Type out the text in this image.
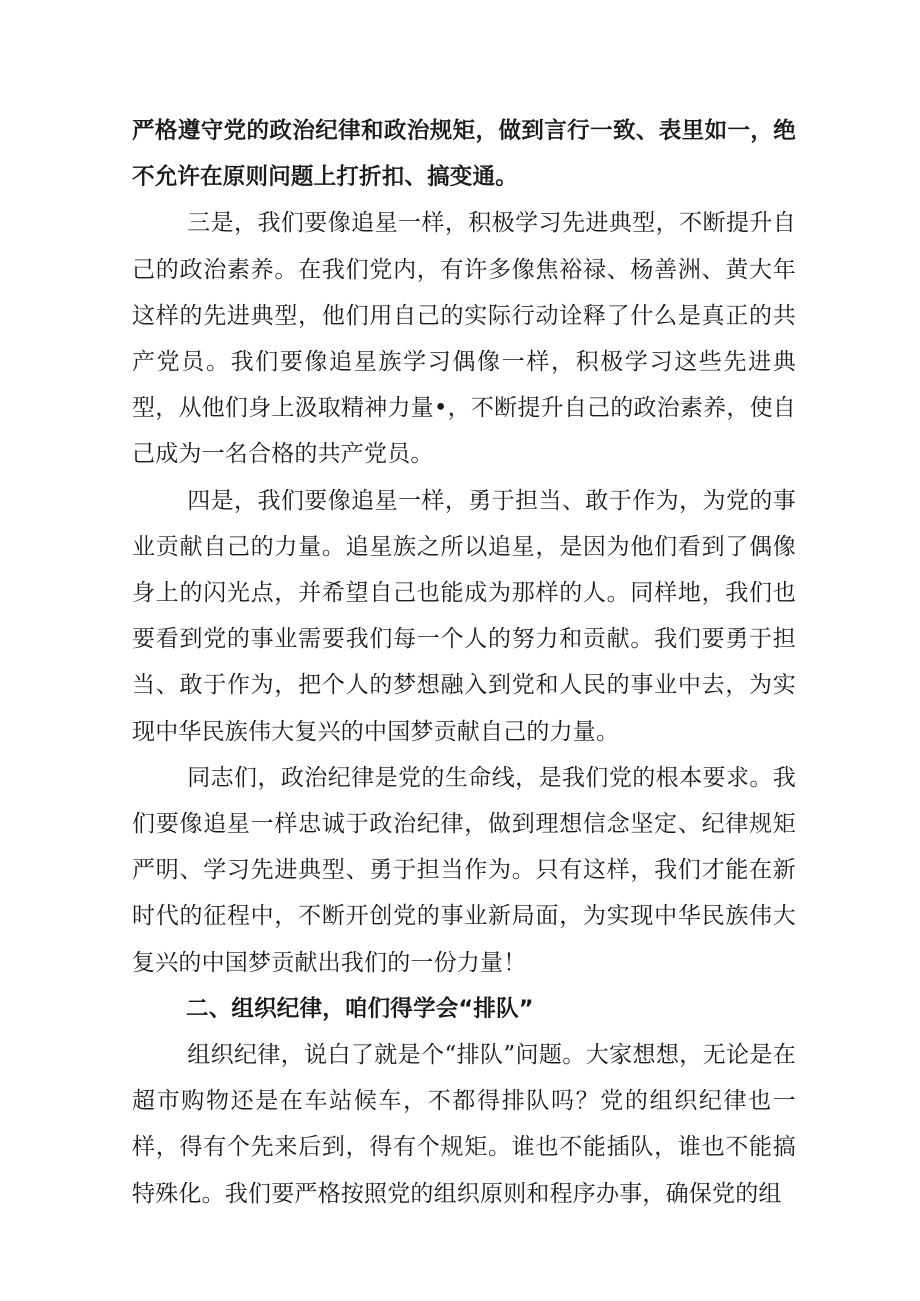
严格遵守党的政治纪律和政治规矩，做到言行一致、表里如一，绝不允许在原则问题上打折扣、搞变通。

三是，我们要像追星一样，积极学习先进典型，不断提升自己的政治素养。在我们党内，有许多像焦裕禄、杨善洲、黄大年这样的先进典型，他们用自己的实际行动诠释了什么是真正的共产党员。我们要像追星族学习偶像一样，积极学习这些先进典型，从他们身上汲取精神力量•，不断提升自己的政治素养，使自己成为一名合格的共产党员。

四是，我们要像追星一样，勇于担当、敢于作为，为党的事业贡献自己的力量。追星族之所以追星，是因为他们看到了偶像身上的闪光点，并希望自己也能成为那样的人。同样地，我们也要看到党的事业需要我们每一个人的努力和贡献。我们要勇于担当、敢于作为，把个人的梦想融入到党和人民的事业中去，为实现中华民族伟大复兴的中国梦贡献自己的力量。

同志们，政治纪律是党的生命线，是我们党的根本要求。我们要像追星一样忠诚于政治纪律，做到理想信念坚定、纪律规矩严明、学习先进典型、勇于担当作为。只有这样，我们才能在新时代的征程中，不断开创党的事业新局面，为实现中华民族伟大复兴的中国梦贡献出我们的一份力量！

二、组织纪律，咱们得学会“排队”

组织纪律，说白了就是个“排队”问题。大家想想，无论是在超市购物还是在车站候车，不都得排队吗？党的组织纪律也一样，得有个先来后到，得有个规矩。谁也不能插队，谁也不能搞特殊化。我们要严格按照党的组织原则和程序办事，确保党的组
